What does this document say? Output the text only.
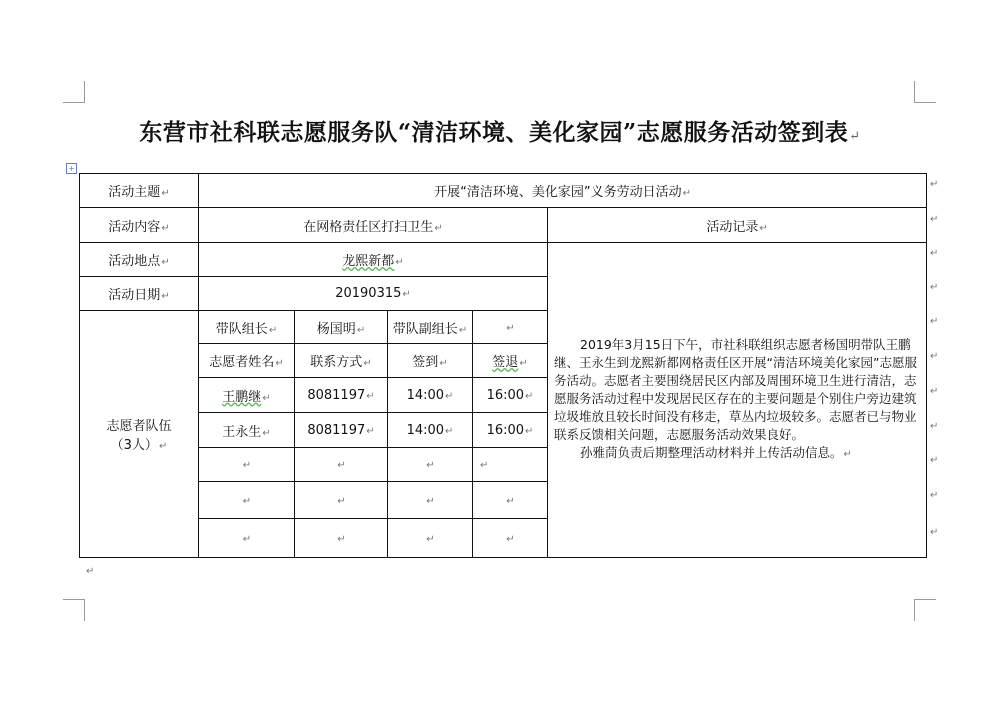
东营市社科联志愿服务队“清洁环境、美化家园”志愿服务活动签到表↵
+
活动主题↵	开展“清洁环境、美化家园”义务劳动日活动↵					
活动内容↵	在网格责任区打扫卫生↵				活动记录↵	
活动地点↵	龙熙新都↵				2019年3月15日下午，市社科联组织志愿者杨国明带队王鹏继、王永生到龙熙新都网格责任区开展“清洁环境美化家园”志愿服务活动。志愿者主要围绕居民区内部及周围环境卫生进行清洁，志愿服务活动过程中发现居民区存在的主要问题是个别住户旁边建筑垃圾堆放且较长时间没有移走，草丛内垃圾较多。志愿者已与物业联系反馈相关问题，志愿服务活动效果良好。

孙雅茼负责后期整理活动材料并上传活动信息。↵	

活动日期↵	20190315↵					

志愿者队伍
（3人）↵	带队组长↵	杨国明↵	带队副组长↵	↵		
	志愿者姓名↵	联系方式↵	签到↵	签退↵		
	王鹏继↵	8081197↵	14:00↵	16:00↵		
	王永生↵	8081197↵	14:00↵	16:00↵		
	↵	↵	↵	↵		
	↵	↵	↵	↵		
	↵	↵	↵	↵		
↵
↵
↵
↵
↵
↵
↵
↵
↵
↵
↵
↵
